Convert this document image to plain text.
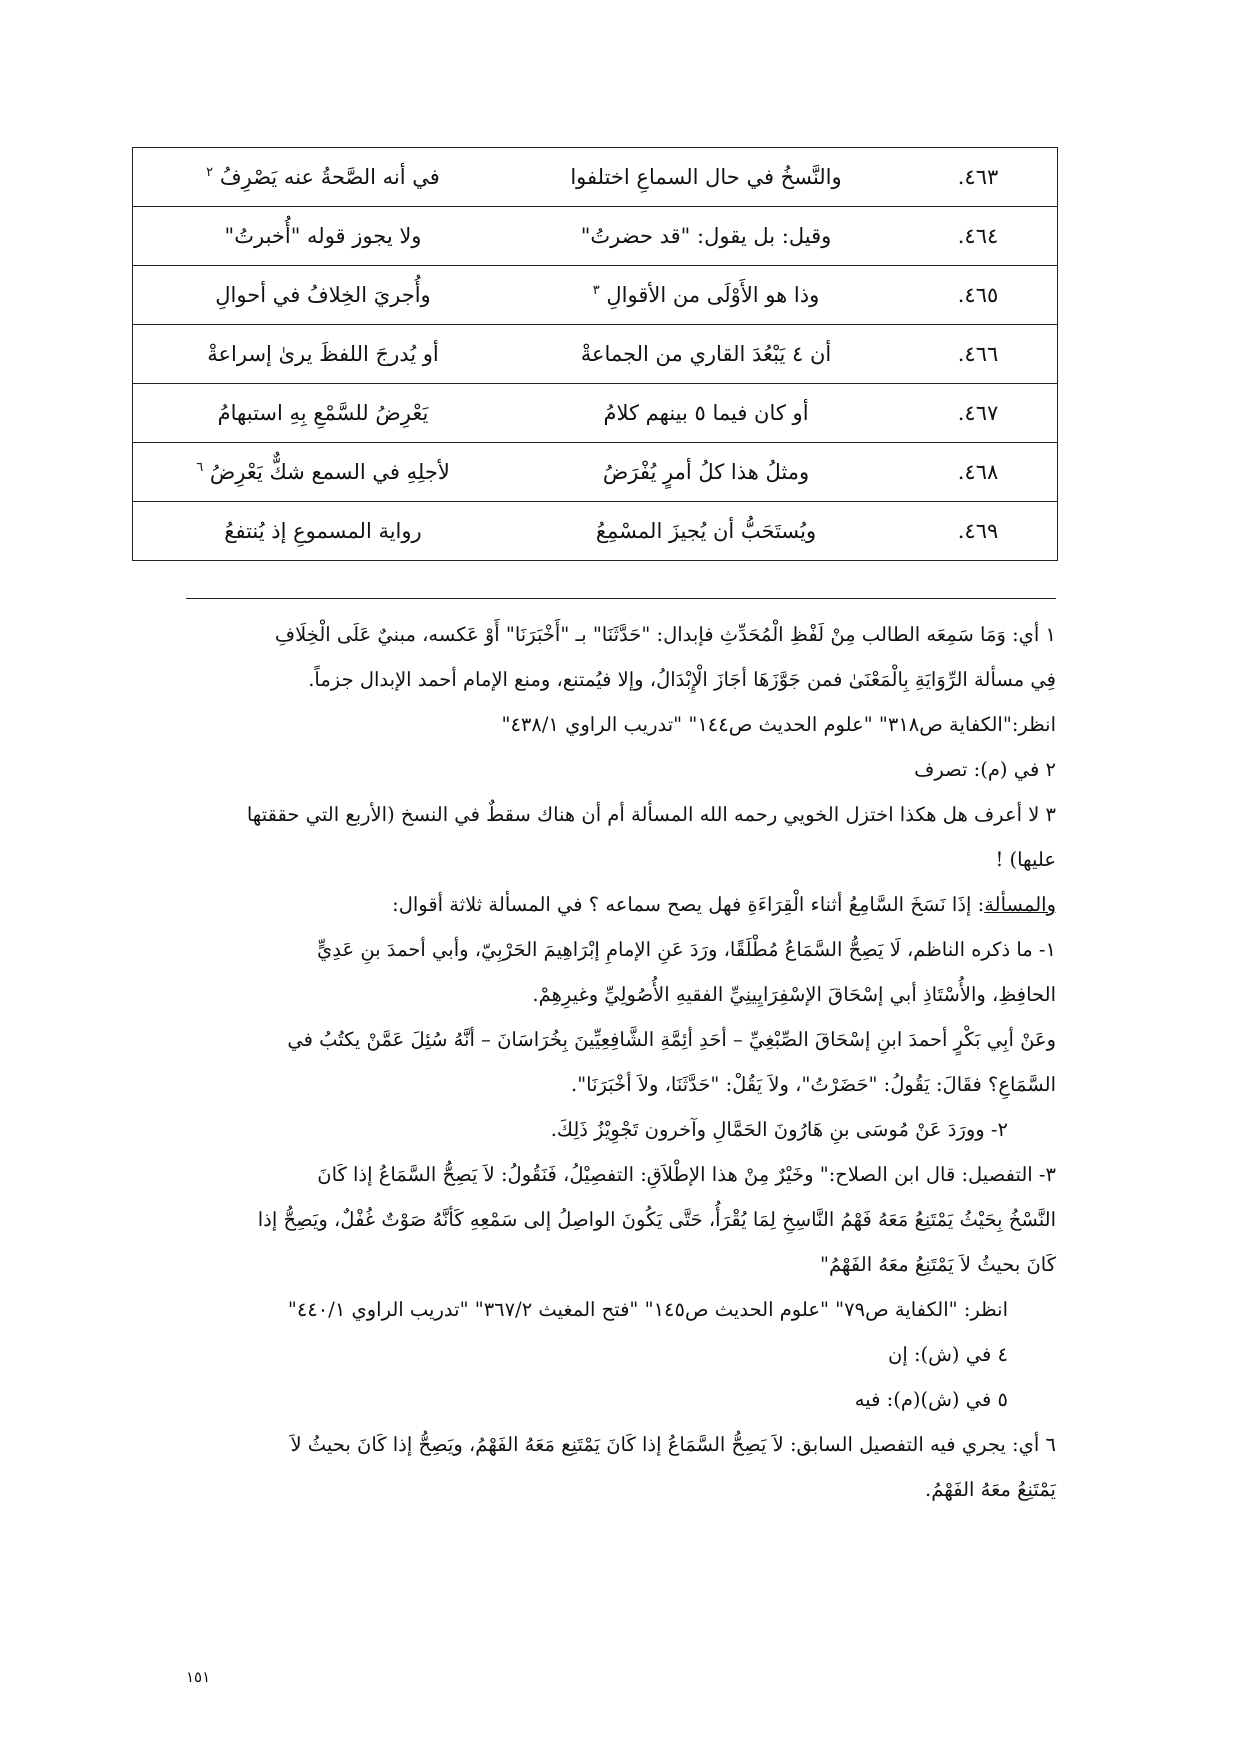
٤٦٣.	والنَّسخُ في حال السماعِ اختلفوا	في أنه الصَّحةُ عنه يَصْرِفُ $^٢$
٤٦٤.	وقيل: بل يقول: "قد حضرتُ"	ولا يجوز قوله "أُخبرتُ"
٤٦٥.	وذا هو الأَوْلَى من الأقوالِ $^٣$	وأُجريَ الخِلافُ في أحوالِ
٤٦٦.	أن ٤ يَبْعُدَ القاري من الجماعةْ	أو يُدرجَ اللفظَ يرىٰ إسراعةْ
٤٦٧.	أو كان فيما ٥ بينهم كلامُ	يَعْرِضُ للسَّمْعِ بِهِ استبهامُ
٤٦٨.	ومثلُ هذا كلُ أمرٍ يُفْرَضُ	لأجلِهِ في السمع شكٌّ يَعْرِضُ $^٦$
٤٦٩.	ويُستَحَبُّ أن يُجيزَ المسْمِعُ	رواية المسموعِ إذ يُنتفعُ

١ أي: وَمَا سَمِعَه الطالب مِنْ لَفْظِ الْمُحَدِّثِ فإبدال: "حَدَّثَنَا" بـ "أَخْبَرَنَا" أَوْ عَكسه، مبنيٌ عَلَى الْخِلَافِ

فِي مسألة الرِّوَايَةِ بِالْمَعْنَىٰ فمن جَوَّزَهَا أجَازَ الْإِبْدَالُ، وإلا فيُمتنع، ومنع الإمام أحمد الإبدال جزماً.

انظر:"الكفاية ص٣١٨" "علوم الحديث ص١٤٤" "تدريب الراوي ٤٣٨/١"

٢ في (م): تصرف

٣ لا أعرف هل هكذا اختزل الخويي رحمه الله المسألة أم أن هناك سقطٌ في النسخ (الأربع التي حققتها

عليها) !

والمسألة: إذَا نَسَخَ السَّامِعُ أثناء الْقِرَاءَةِ فهل يصح سماعه ؟ في المسألة ثلاثة أقوال:

١- ما ذكره الناظم، لَا يَصِحُّ السَّمَاعُ مُطْلَقًا، ورَدَ عَنِ الإمامِ إبْرَاهِيمَ الحَرْبِيّ، وأبي أحمدَ بنِ عَدِيٍّ

الحافِظِ، والأُسْتَاذِ أبي إسْحَاقَ الإسْفِرَايِينِيِّ الفقيهِ الأُصُولِيِّ وغيرِهِمْ.

وعَنْ أبِي بَكْرٍ أحمدَ ابنِ إسْحَاقَ الصِّبْغِيِّ – أحَدِ أئِمَّةِ الشَّافِعِيِّينَ بِخُرَاسَانَ – أنَّهُ سُئِلَ عَمَّنْ يكتُبُ في

السَّمَاعِ؟ فقَالَ: يَقُولُ: "حَضَرْتُ"، ولاَ يَقُلْ: "حَدَّثَنَا، ولاَ أخْبَرَنَا".

٢- وورَدَ عَنْ مُوسَى بنِ هَارُونَ الحَمَّالِ وآخرون تَجْوِيْزُ ذَلِكَ.

٣- التفصيل: قال ابن الصلاح:" وخَيْرٌ مِنْ هذا الإطْلاَقِ: التفصِيْلُ، فَنَقُولُ: لاَ يَصِحُّ السَّمَاعُ إذا كَانَ

النَّسْخُ بِحَيْثُ يَمْتَنِعُ مَعَهُ فَهْمُ النَّاسِخِ لِمَا يُقْرَأُ، حَتَّى يَكُونَ الواصِلُ إلى سَمْعِهِ كَأنَّهُ صَوْتٌ غُفْلٌ، ويَصِحُّ إذا

كَانَ بحيثُ لاَ يَمْتَنِعُ معَهُ الفَهْمُ"

انظر: "الكفاية ص٧٩" "علوم الحديث ص١٤٥" "فتح المغيث ٣٦٧/٢" "تدريب الراوي ٤٤٠/١"

٤ في (ش): إن

٥ في (ش)(م): فيه

٦ أي: يجري فيه التفصيل السابق: لاَ يَصِحُّ السَّمَاعُ إذا كَانَ يَمْتَنِع مَعَهُ الفَهْمُ، ويَصِحُّ إذا كَانَ بحيثُ لاَ

يَمْتَنِعُ معَهُ الفَهْمُ.

١٥١
